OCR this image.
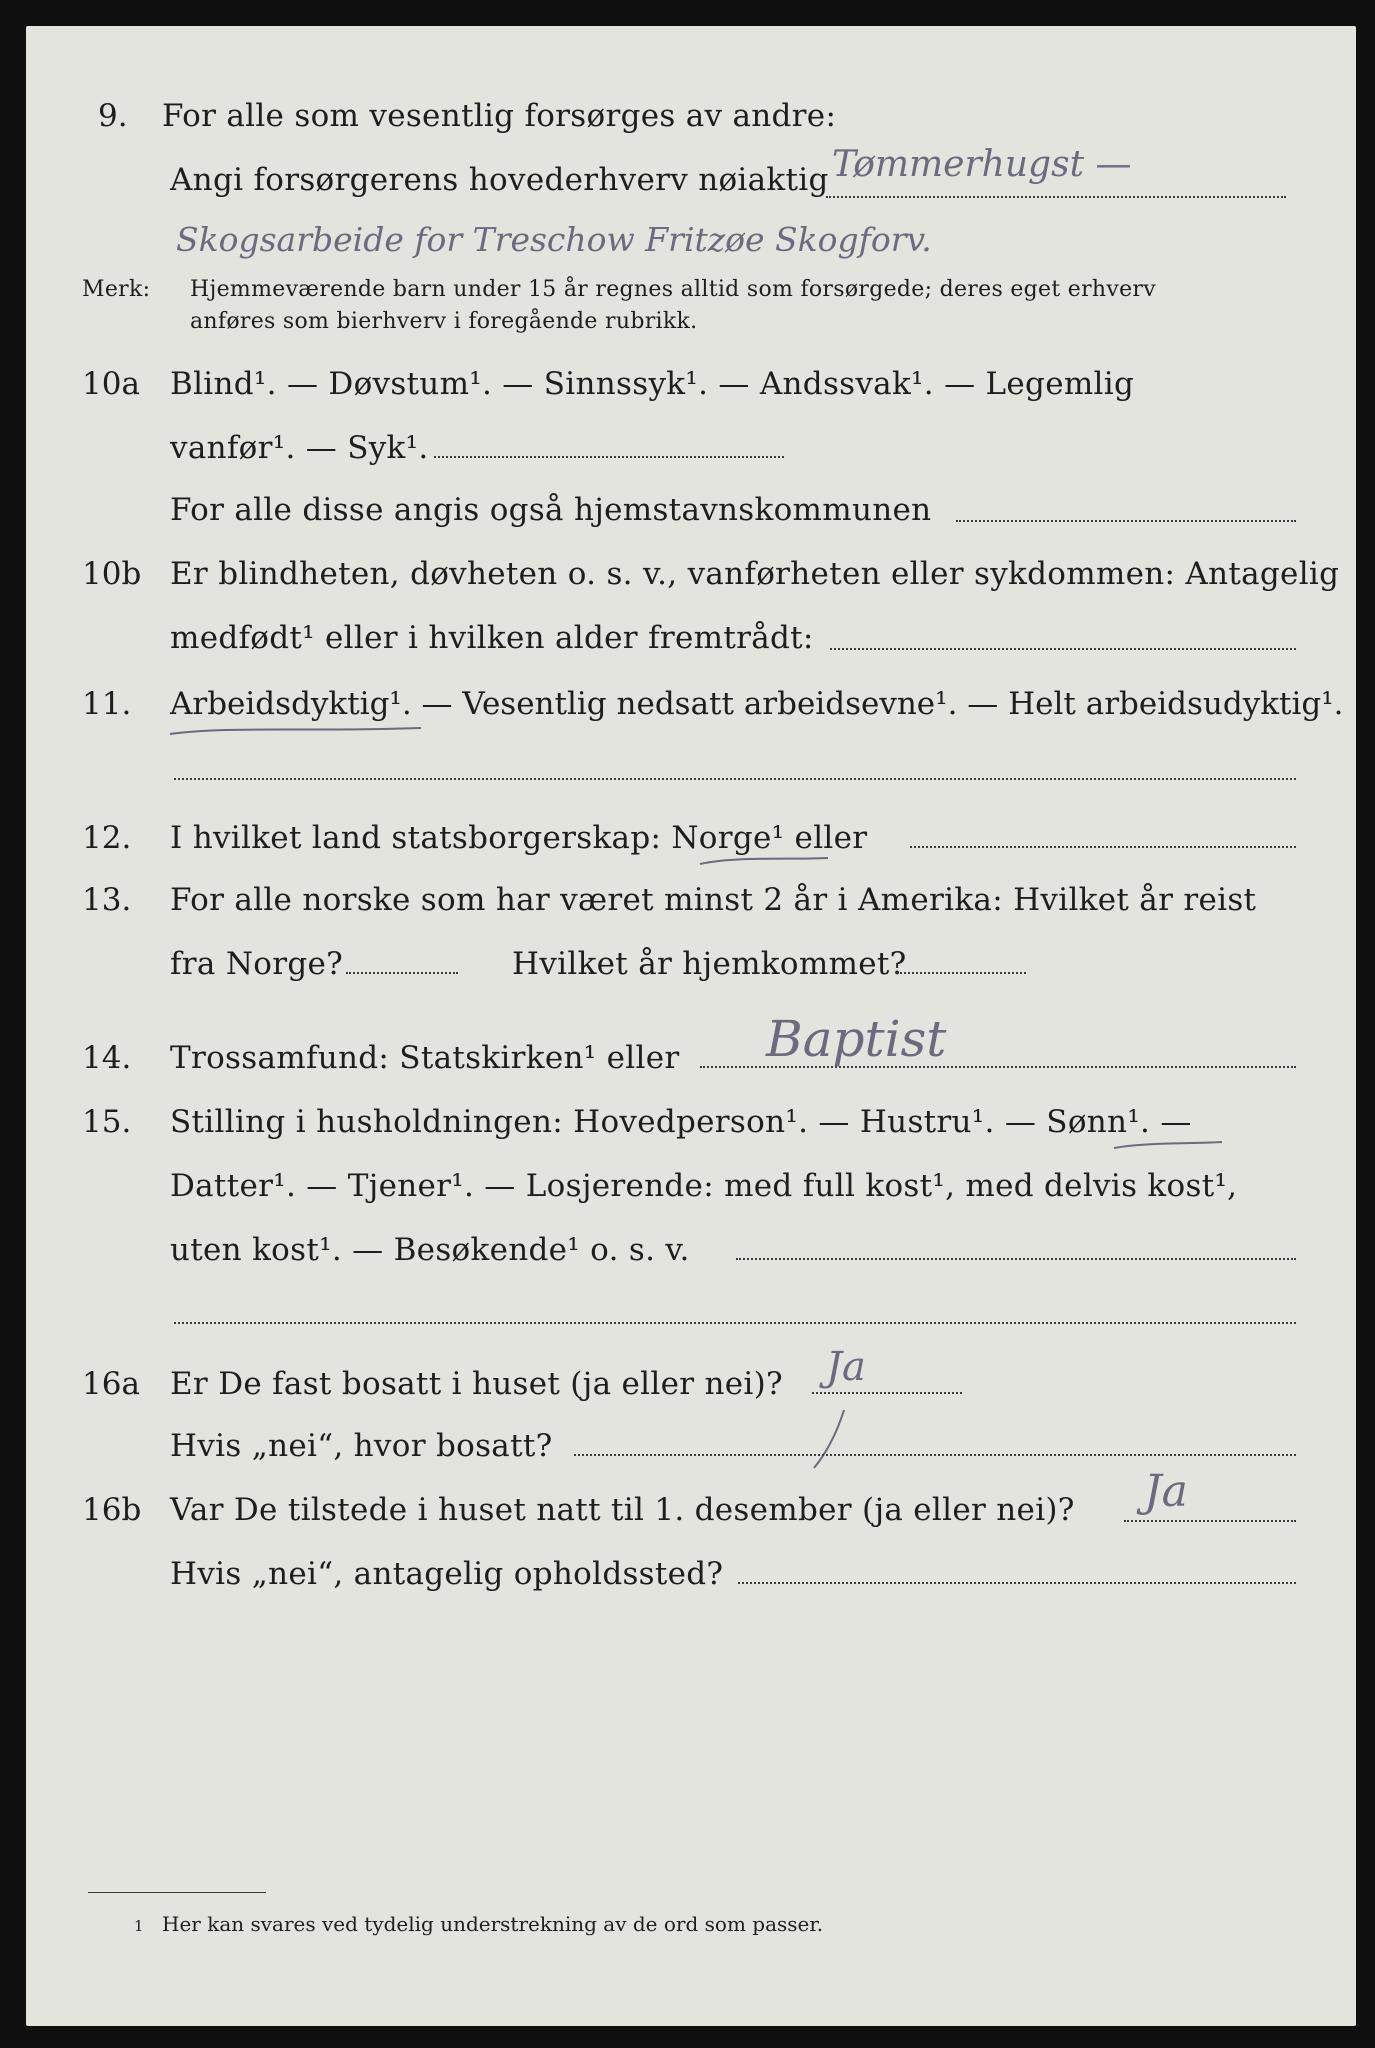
9. For alle som vesentlig forsørges av andre:
Angi forsørgerens hovederhverv nøiaktig Tømmerhugst —
Skogsarbeide for Treschow Fritzøe Skogforv.
Merk: Hjemmeværende barn under 15 år regnes alltid som forsørgede; deres eget erhverv
anføres som bierhverv i foregående rubrikk.
10a Blind¹. — Døvstum¹. — Sinnssyk¹. — Andssvak¹. — Legemlig
vanfør¹. — Syk¹.
For alle disse angis også hjemstavnskommunen
10b Er blindheten, døvheten o. s. v., vanførheten eller sykdommen: Antagelig
medfødt¹ eller i hvilken alder fremtrådt:
11. Arbeidsdyktig¹. — Vesentlig nedsatt arbeidsevne¹. — Helt arbeidsudyktig¹.
12. I hvilket land statsborgerskap: Norge¹ eller
13. For alle norske som har været minst 2 år i Amerika: Hvilket år reist
fra Norge?	Hvilket år hjemkommet?
14. Trossamfund: Statskirken¹ eller Baptist
15. Stilling i husholdningen: Hovedperson¹. — Hustru¹. — Sønn¹. —
Datter¹. — Tjener¹. — Losjerende: med full kost¹, med delvis kost¹,
uten kost¹. — Besøkende¹ o. s. v.
16a Er De fast bosatt i huset (ja eller nei)? Ja
Hvis „nei“, hvor bosatt?
16b Var De tilstede i huset natt til 1. desember (ja eller nei)? Ja
Hvis „nei“, antagelig opholdssted?
1 Her kan svares ved tydelig understrekning av de ord som passer.
